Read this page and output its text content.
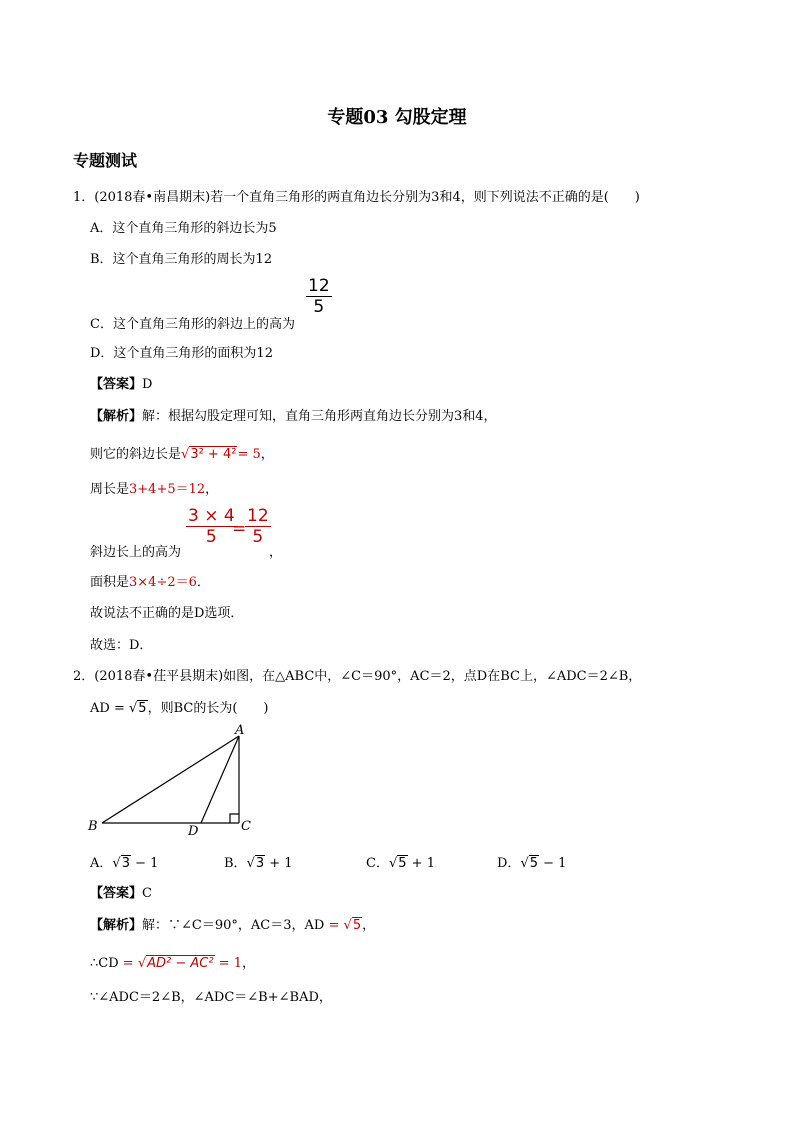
专题03 勾股定理
专题测试
1．(2018春•南昌期末)若一个直角三角形的两直角边长分别为3和4，则下列说法不正确的是(　　)
A．这个直角三角形的斜边长为5
B．这个直角三角形的周长为12
C．这个直角三角形的斜边上的高为
$\frac{12}{5}$
D．这个直角三角形的面积为12
【答案】D
【解析】解：根据勾股定理可知，直角三角形两直角边长分别为3和4，
则它的斜边长是√3² + 4²= 5，
周长是3+4+5＝12，
斜边长上的高为
$\frac{3 \times 4}{5}$
=
$\frac{12}{5}$
，
面积是3×4÷2＝6．
故说法不正确的是D选项．
故选：D．
2．(2018春•茌平县期末)如图，在△ABC中，∠C＝90°，AC＝2，点D在BC上，∠ADC＝2∠B，
AD = √5，则BC的长为(　　)
A
B	D	C
A．√3 − 1	B．√3 + 1	C．√5 + 1	D．√5 − 1
【答案】C
【解析】解：∵∠C＝90°，AC＝3，AD = √5，
∴CD = √AD² − AC² = 1，
∵∠ADC＝2∠B，∠ADC＝∠B+∠BAD，
